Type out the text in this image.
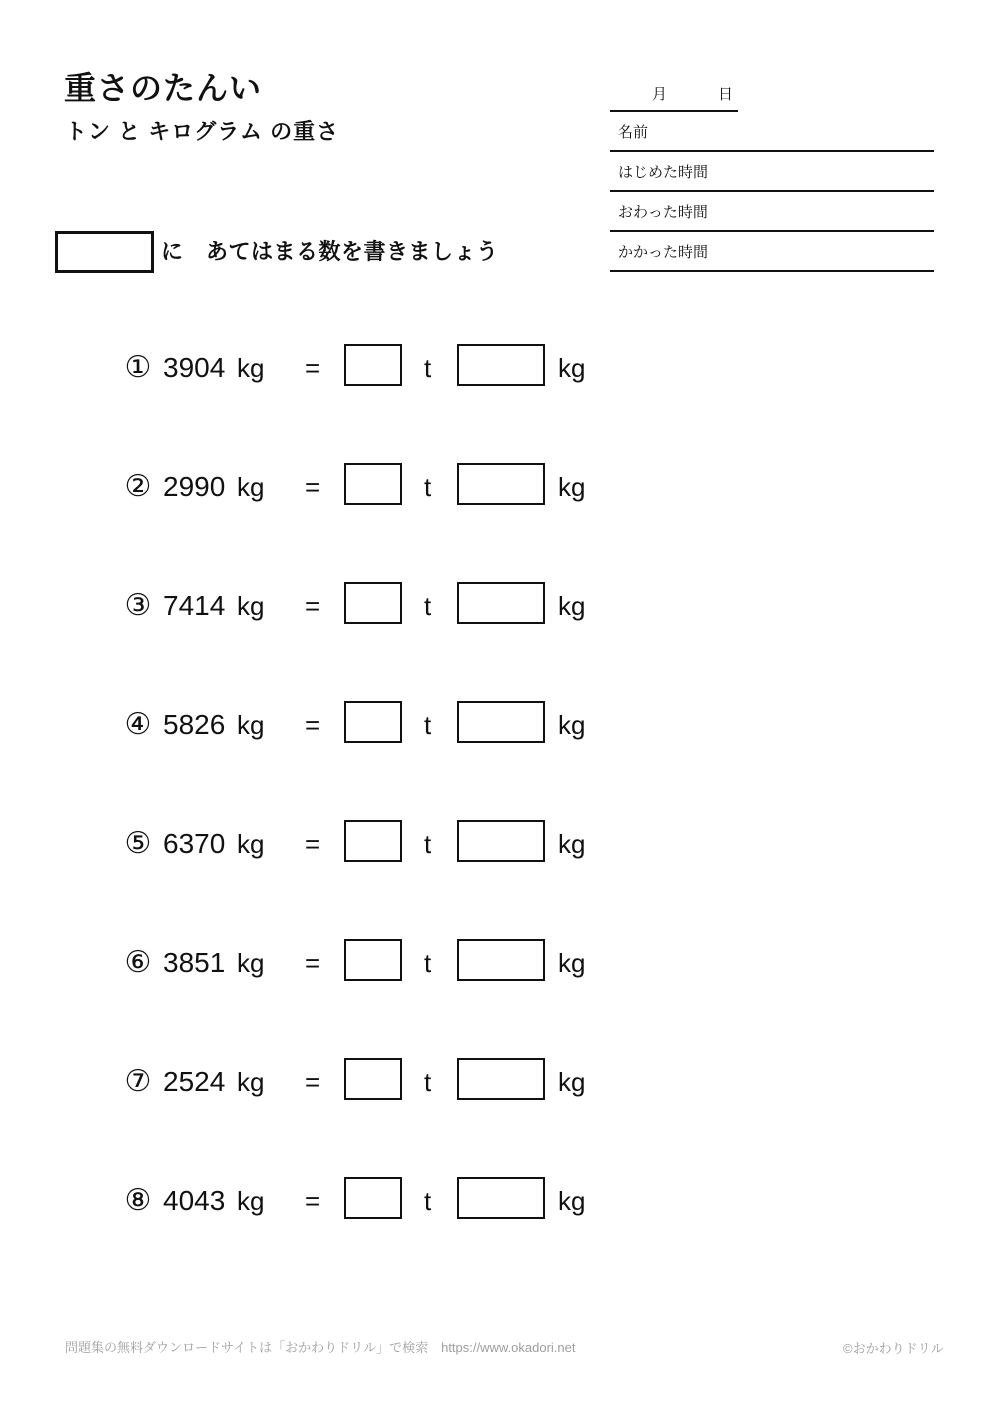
重さのたんい
トン と キログラム の重さ
月	日
名前
はじめた時間
おわった時間
かかった時間
に　あてはまる数を書きましょう
① 3904 kg =	t	kg
② 2990 kg =	t	kg
③ 7414 kg =	t	kg
④ 5826 kg =	t	kg
⑤ 6370 kg =	t	kg
⑥ 3851 kg =	t	kg
⑦ 2524 kg =	t	kg
⑧ 4043 kg =	t	kg
問題集の無料ダウンロードサイトは「おかわりドリル」で検索　https://www.okadori.net	©おかわりドリル
